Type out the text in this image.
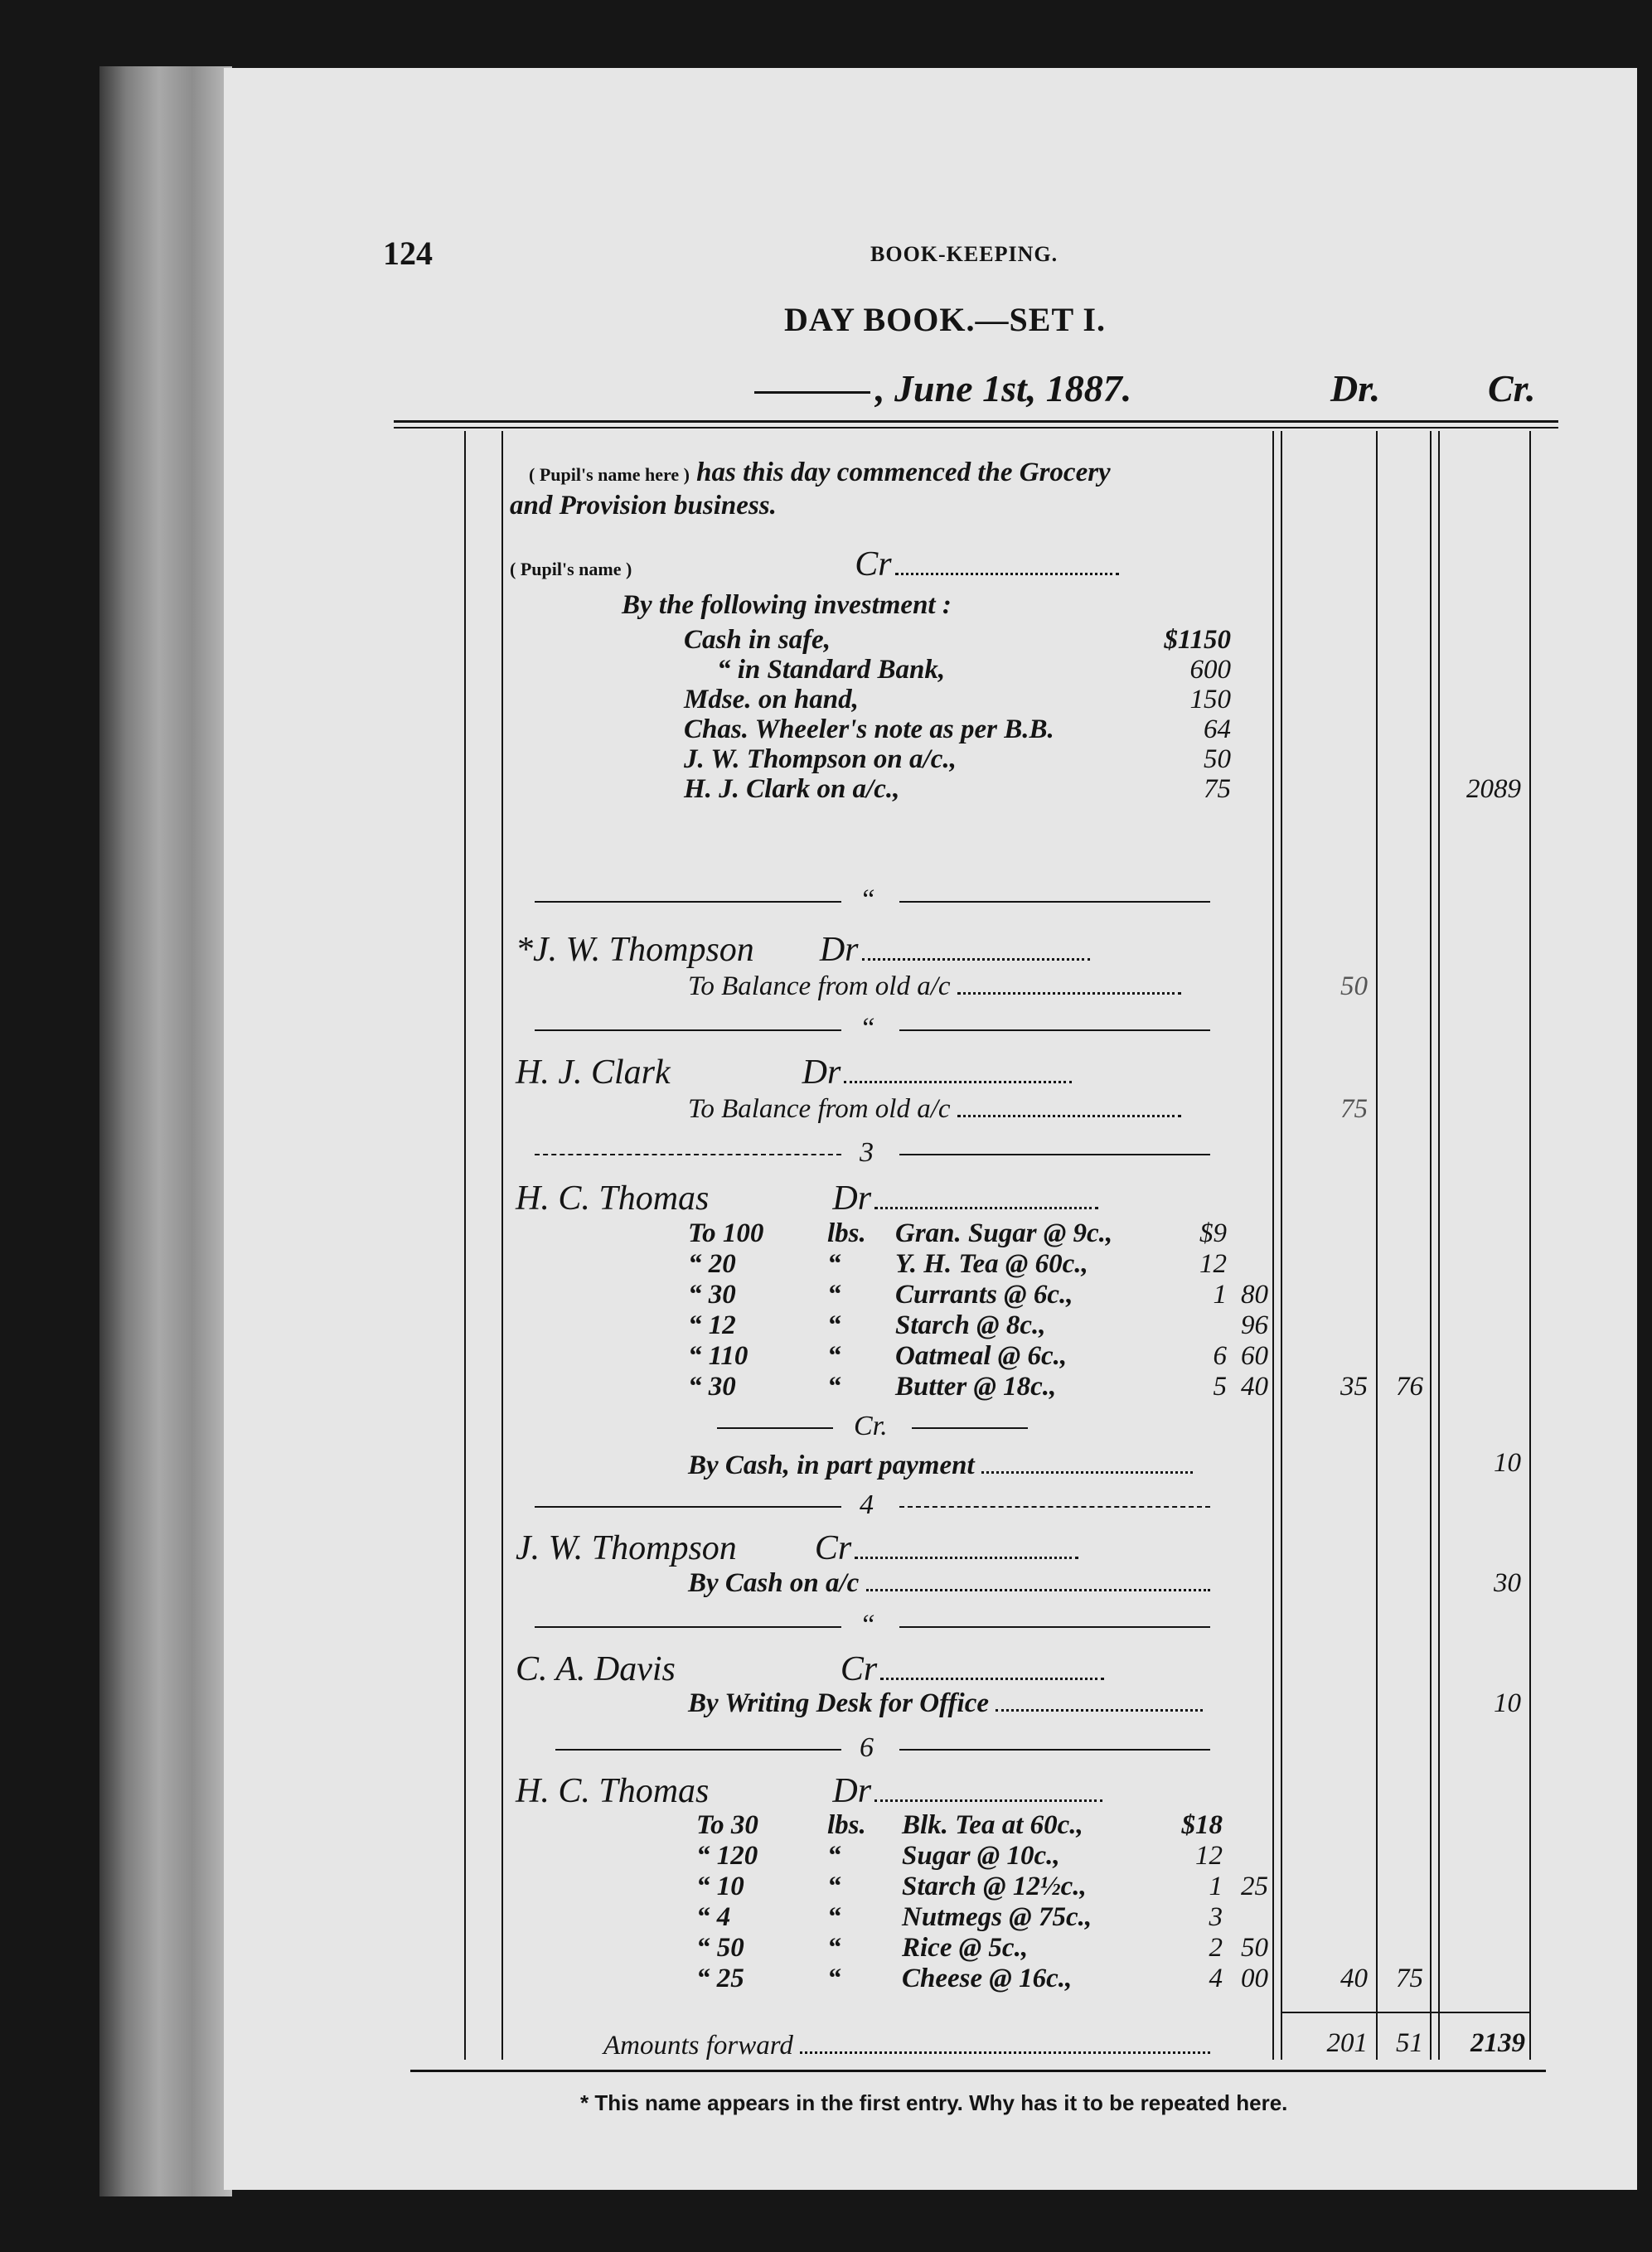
124	BOOK-KEEPING.
DAY BOOK.—SET I.
, June 1st, 1887.	Dr.	Cr.
( Pupil's name here ) has this day commenced the Grocery
and Provision business.
( Pupil's name )	Cr
By the following investment :
Cash in safe,	$1150
“ in Standard Bank,	600
Mdse. on hand,	150
Chas. Wheeler's note as per B.B.	64
J. W. Thompson on a/c.,	50
H. J. Clark on a/c.,	75	2089
“
*J. W. Thompson Dr
To Balance from old a/c	50
“
H. J. Clark	Dr
To Balance from old a/c	75
3
H. C. Thomas	Dr
To 100 lbs. Gran. Sugar @ 9c.,	$9
“ 20	“ Y. H. Tea @ 60c.,	12
“ 30	“ Currants @ 6c.,	1 80
“ 12	“ Starch @ 8c.,	96
“ 110	“ Oatmeal @ 6c.,	6 60
“ 30	“ Butter @ 18c.,	5 40	35	76
Cr.
By Cash, in part payment	10
4
J. W. Thompson Cr
By Cash on a/c	30
“
C. A. Davis	Cr
By Writing Desk for Office	10
6
H. C. Thomas	Dr
To 30	lbs. Blk. Tea at 60c.,	$18
“ 120	“ Sugar @ 10c.,	12
“ 10	“ Starch @ 12½c.,	1 25
“ 4	“ Nutmegs @ 75c.,	3
“ 50	“ Rice @ 5c.,	2 50
“ 25	“ Cheese @ 16c.,	4 00	40	75
Amounts forward	201	51	2139
* This name appears in the first entry. Why has it to be repeated here.
